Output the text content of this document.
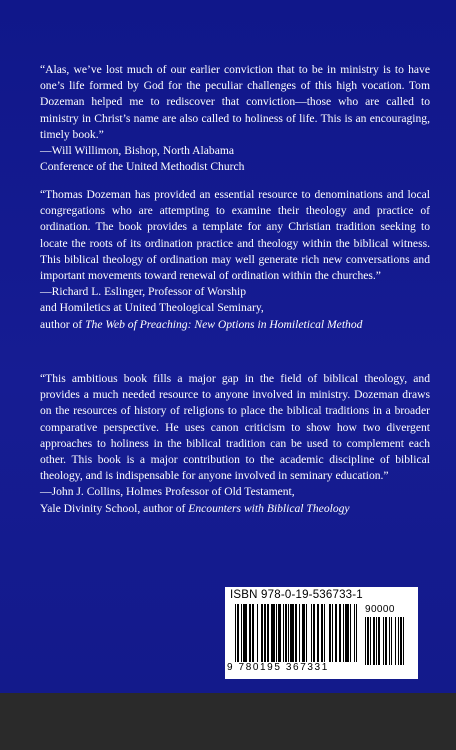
“Alas, we’ve lost much of our earlier conviction that to be in ministry is to have one’s life formed by God for the peculiar challenges of this high vocation. Tom Dozeman helped me to rediscover that conviction—those who are called to ministry in Christ’s name are also called to holiness of life. This is an encouraging, timely book.”

—Will Willimon, Bishop, North Alabama

Conference of the United Methodist Church

“Thomas Dozeman has provided an essential resource to denominations and local congregations who are attempting to examine their theology and practice of ordination. The book provides a template for any Christian tradition seeking to locate the roots of its ordination practice and theology within the biblical witness. This biblical theology of ordination may well generate rich new conversations and important movements toward renewal of ordination within the churches.”

—Richard L. Eslinger, Professor of Worship

and Homiletics at United Theological Seminary,

author of The Web of Preaching: New Options in Homiletical Method

“This ambitious book fills a major gap in the field of biblical theology, and provides a much needed resource to anyone involved in ministry. Dozeman draws on the resources of history of religions to place the biblical traditions in a broader comparative perspective. He uses canon criticism to show how two divergent approaches to holiness in the biblical tradition can be used to complement each other. This book is a major contribution to the academic discipline of biblical theology, and is indispensable for anyone involved in seminary education.”

—John J. Collins, Holmes Professor of Old Testament,

Yale Divinity School, author of Encounters with Biblical Theology

ISBN 978-0-19-536733-1
90000
9 780195 367331
